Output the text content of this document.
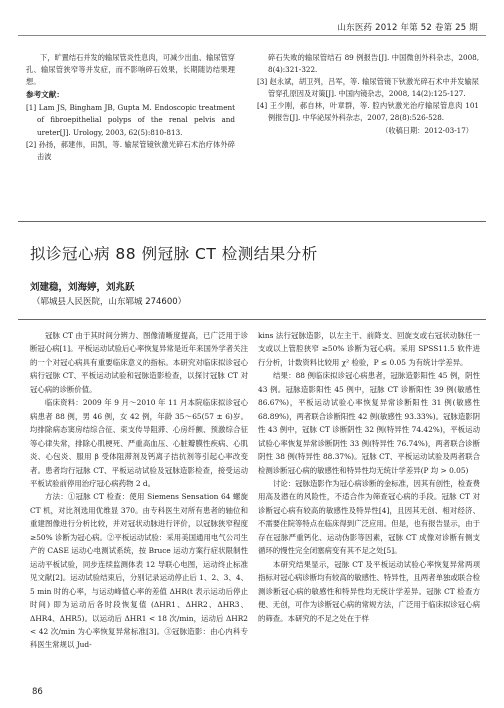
山东医药 2012 年第 52 卷第 25 期

下，旷置结石并发的输尿管炎性息肉，可减少出血、输尿管穿孔、输尿管狭窄等并发症，而不影响碎石效果，长期随访结果理想。

参考文献：

[1] Lam JS, Bingham JB, Gupta M. Endoscopic treatment of fibroepithelial polyps of the renal pelvis and ureter[J]. Urology, 2003, 62(5):810-813.

[2] 孙扬，郝建伟，田凯，等. 输尿管镜钬激光碎石术治疗体外碎击波

碎石失败的输尿管结石 89 例报告[J]. 中国微创外科杂志，2008, 8(4):321-322.

[3] 赵永斌，胡卫列，吕军，等. 输尿管镜下钬激光碎石术中并发输尿管穿孔原因及对策[J]. 中国内镜杂志，2008, 14(2):125-127.

[4] 王少刚，郝自林，叶章群，等. 腔内钬激光治疗输尿管息肉 101 例报告[J]. 中华泌尿外科杂志，2007, 28(8):526-528.

（收稿日期：2012-03-17）

拟诊冠心病 88 例冠脉 CT 检测结果分析
刘建稳，刘海婷，刘兆跃
（郓城县人民医院，山东郓城 274600）

冠脉 CT 由于其时间分辨力、图像清晰度提高，已广泛用于诊断冠心病[1]。平板运动试验后心率恢复异常是近年来国外学者关注的一个对冠心病具有重要临床意义的指标。本研究对临床拟诊冠心病行冠脉 CT、平板运动试验和冠脉造影检查，以探讨冠脉 CT 对冠心病的诊断价值。

临床资料：2009 年 9 月～2010 年 11 月本院临床拟诊冠心病患者 88 例，男 46 例，女 42 例，年龄 35～65(57 ± 6)岁。均排除病态窦房结综合征、束支传导阻滞、心房纤颤、预激综合征等心律失常，排除心肌梗死、严重高血压、心脏瓣膜性疾病、心肌炎、心包炎、服用 β 受体阻滞剂及钙离子拮抗剂等引起心率改变者。患者均行冠脉 CT、平板运动试验及冠脉造影检查，接受运动平板试验前停用治疗冠心病药物 2 d。

方法：①冠脉 CT 检查：使用 Siemens Sensation 64 螺旋 CT 机，对比剂选用优维显 370。由专科医生对所有患者的轴位和重建图像进行分析比较，并对冠状动脉进行评价，以冠脉狭窄程度 ≥50% 诊断为冠心病。②平板运动试验：采用美国通用电气公司生产的 CASE 运动心电测试系统，按 Bruce 运动方案行症状限制性运动平板试验，同步连续监测体表 12 导联心电图，运动终止标准见文献[2]。运动试验结束后，分别记录运动停止后 1、2、3、4、5 min 时的心率，与运动峰值心率的差值 ΔHR(t 表示运动后停止时间) 即为运动后各时段恢复值 (ΔHR1、ΔHR2、ΔHR3、ΔHR4、ΔHR5)。以运动后 ΔHR1 < 18 次/min，运动后 ΔHR2 < 42 次/min 为心率恢复异常标准[3]。③冠脉造影：由心内科专科医生常规以 Jud-

kins 法行冠脉造影，以左主干、前降支、回旋支或右冠状动脉任一支或以上管腔狭窄 ≥50% 诊断为冠心病。采用 SPSS11.5 软件进行分析，计数资料比较用 χ² 检验，P ≤ 0.05 为有统计学差异。

结果：88 例临床拟诊冠心病患者，冠脉造影阳性 45 例，阴性 43 例。冠脉造影阳性 45 例中，冠脉 CT 诊断阳性 39 例(敏感性 86.67%)，平板运动试验心率恢复异常诊断阳性 31 例(敏感性 68.89%)，两者联合诊断阳性 42 例(敏感性 93.33%)。冠脉造影阴性 43 例中，冠脉 CT 诊断阴性 32 例(特异性 74.42%)，平板运动试验心率恢复异常诊断阴性 33 例(特异性 76.74%)，两者联合诊断阴性 38 例(特异性 88.37%)。冠脉 CT、平板运动试验及两者联合检测诊断冠心病的敏感性和特异性均无统计学差异(P 均 > 0.05)

讨论：冠脉造影作为冠心病诊断的金标准，因其有创性，检查费用高及潜在的风险性，不适合作为筛查冠心病的手段。冠脉 CT 对诊断冠心病有较高的敏感性及特异性[4]，且因其无创、相对经济、不需要住院等特点在临床得到广泛应用。但是，也有报告显示，由于存在冠脉严重钙化、运动伪影等因素，冠脉 CT 成像对诊断有侧支循环的慢性完全闭塞病变有其不足之处[5]。

本研究结果显示，冠脉 CT 及平板运动试验心率恢复异常两项指标对冠心病诊断均有较高的敏感性、特异性，且两者单独或联合检测诊断冠心病的敏感性和特异性均无统计学差异。冠脉 CT 检查方便、无创，可作为诊断冠心病的常规方法，广泛用于临床拟诊冠心病的筛查。本研究的不足之处在于样

86
